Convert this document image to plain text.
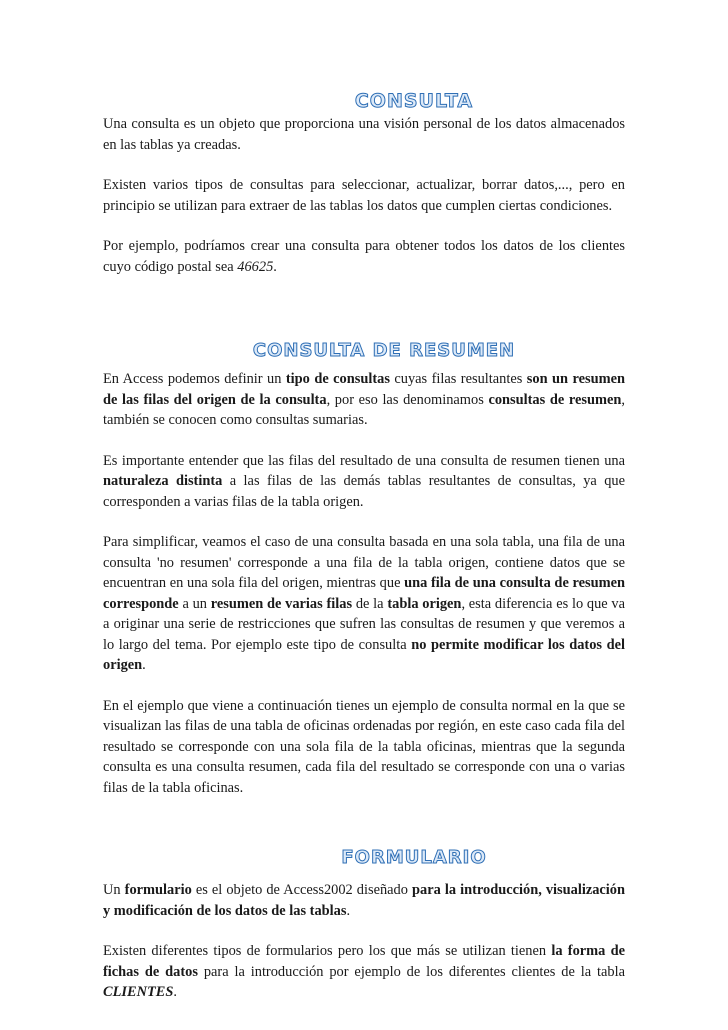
CONSULTA

Una consulta es un objeto que proporciona una visión personal de los datos almacenados en las tablas ya creadas.

Existen varios tipos de consultas para seleccionar, actualizar, borrar datos,..., pero en principio se utilizan para extraer de las tablas los datos que cumplen ciertas condiciones.

Por ejemplo, podríamos crear una consulta para obtener todos los datos de los clientes cuyo código postal sea 46625.

CONSULTA DE RESUMEN

En Access podemos definir un tipo de consultas cuyas filas resultantes son un resumen de las filas del origen de la consulta, por eso las denominamos consultas de resumen, también se conocen como consultas sumarias.

Es importante entender que las filas del resultado de una consulta de resumen tienen una naturaleza distinta a las filas de las demás tablas resultantes de consultas, ya que corresponden a varias filas de la tabla origen.

Para simplificar, veamos el caso de una consulta basada en una sola tabla, una fila de una consulta 'no resumen' corresponde a una fila de la tabla origen, contiene datos que se encuentran en una sola fila del origen, mientras que una fila de una consulta de resumen corresponde a un resumen de varias filas de la tabla origen, esta diferencia es lo que va a originar una serie de restricciones que sufren las consultas de resumen y que veremos a lo largo del tema. Por ejemplo este tipo de consulta no permite modificar los datos del origen.

En el ejemplo que viene a continuación tienes un ejemplo de consulta normal en la que se visualizan las filas de una tabla de oficinas ordenadas por región, en este caso cada fila del resultado se corresponde con una sola fila de la tabla oficinas, mientras que la segunda consulta es una consulta resumen, cada fila del resultado se corresponde con una o varias filas de la tabla oficinas.

FORMULARIO

Un formulario es el objeto de Access2002 diseñado para la introducción, visualización y modificación de los datos de las tablas.

Existen diferentes tipos de formularios pero los que más se utilizan tienen la forma de fichas de datos para la introducción por ejemplo de los diferentes clientes de la tabla CLIENTES.
